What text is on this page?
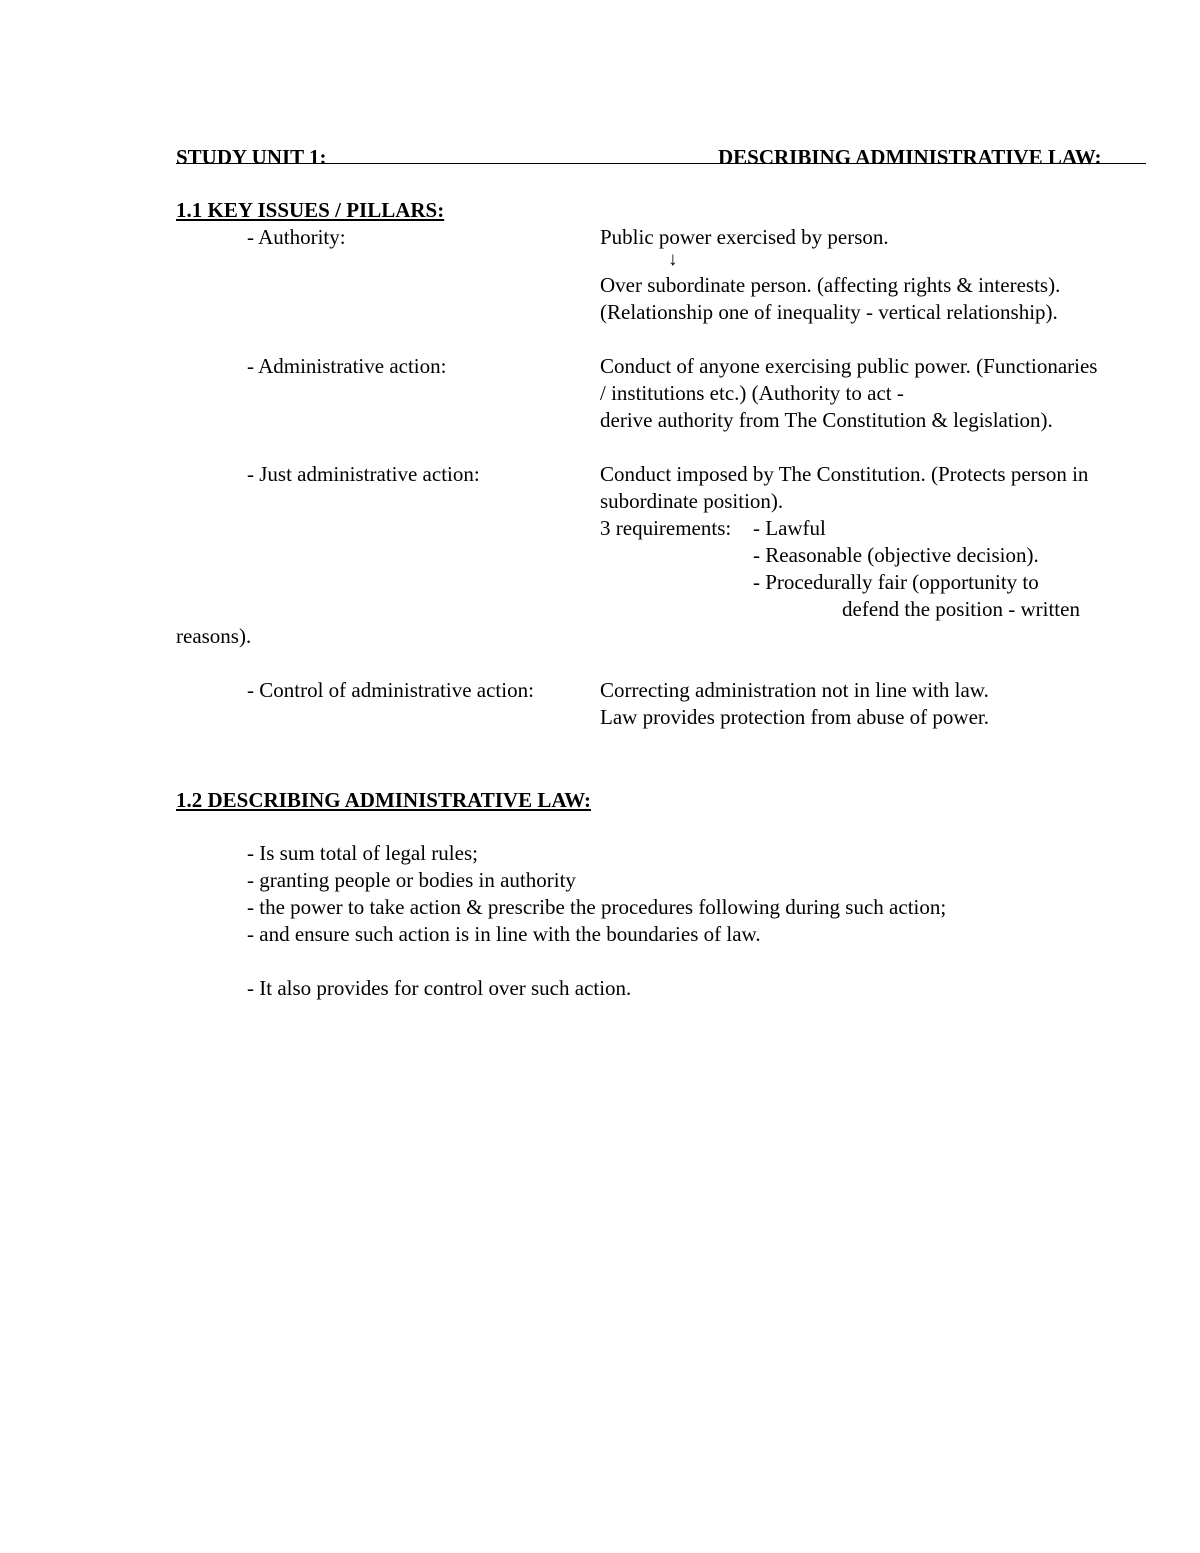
STUDY UNIT 1:	DESCRIBING ADMINISTRATIVE LAW:
1.1 KEY ISSUES / PILLARS:
- Authority:	Public power exercised by person.
↓
Over subordinate person. (affecting rights & interests).
(Relationship one of inequality - vertical relationship).
- Administrative action:	Conduct of anyone exercising public power. (Functionaries
/ institutions etc.) (Authority to act -
derive authority from The Constitution & legislation).
- Just administrative action:	Conduct imposed by The Constitution. (Protects person in
subordinate position).
3 requirements: - Lawful
- Reasonable (objective decision).
- Procedurally fair (opportunity to
defend the position - written
reasons).
- Control of administrative action:	Correcting administration not in line with law.
Law provides protection from abuse of power.
1.2 DESCRIBING ADMINISTRATIVE LAW:
- Is sum total of legal rules;
- granting people or bodies in authority
- the power to take action & prescribe the procedures following during such action;
- and ensure such action is in line with the boundaries of law.
- It also provides for control over such action.
